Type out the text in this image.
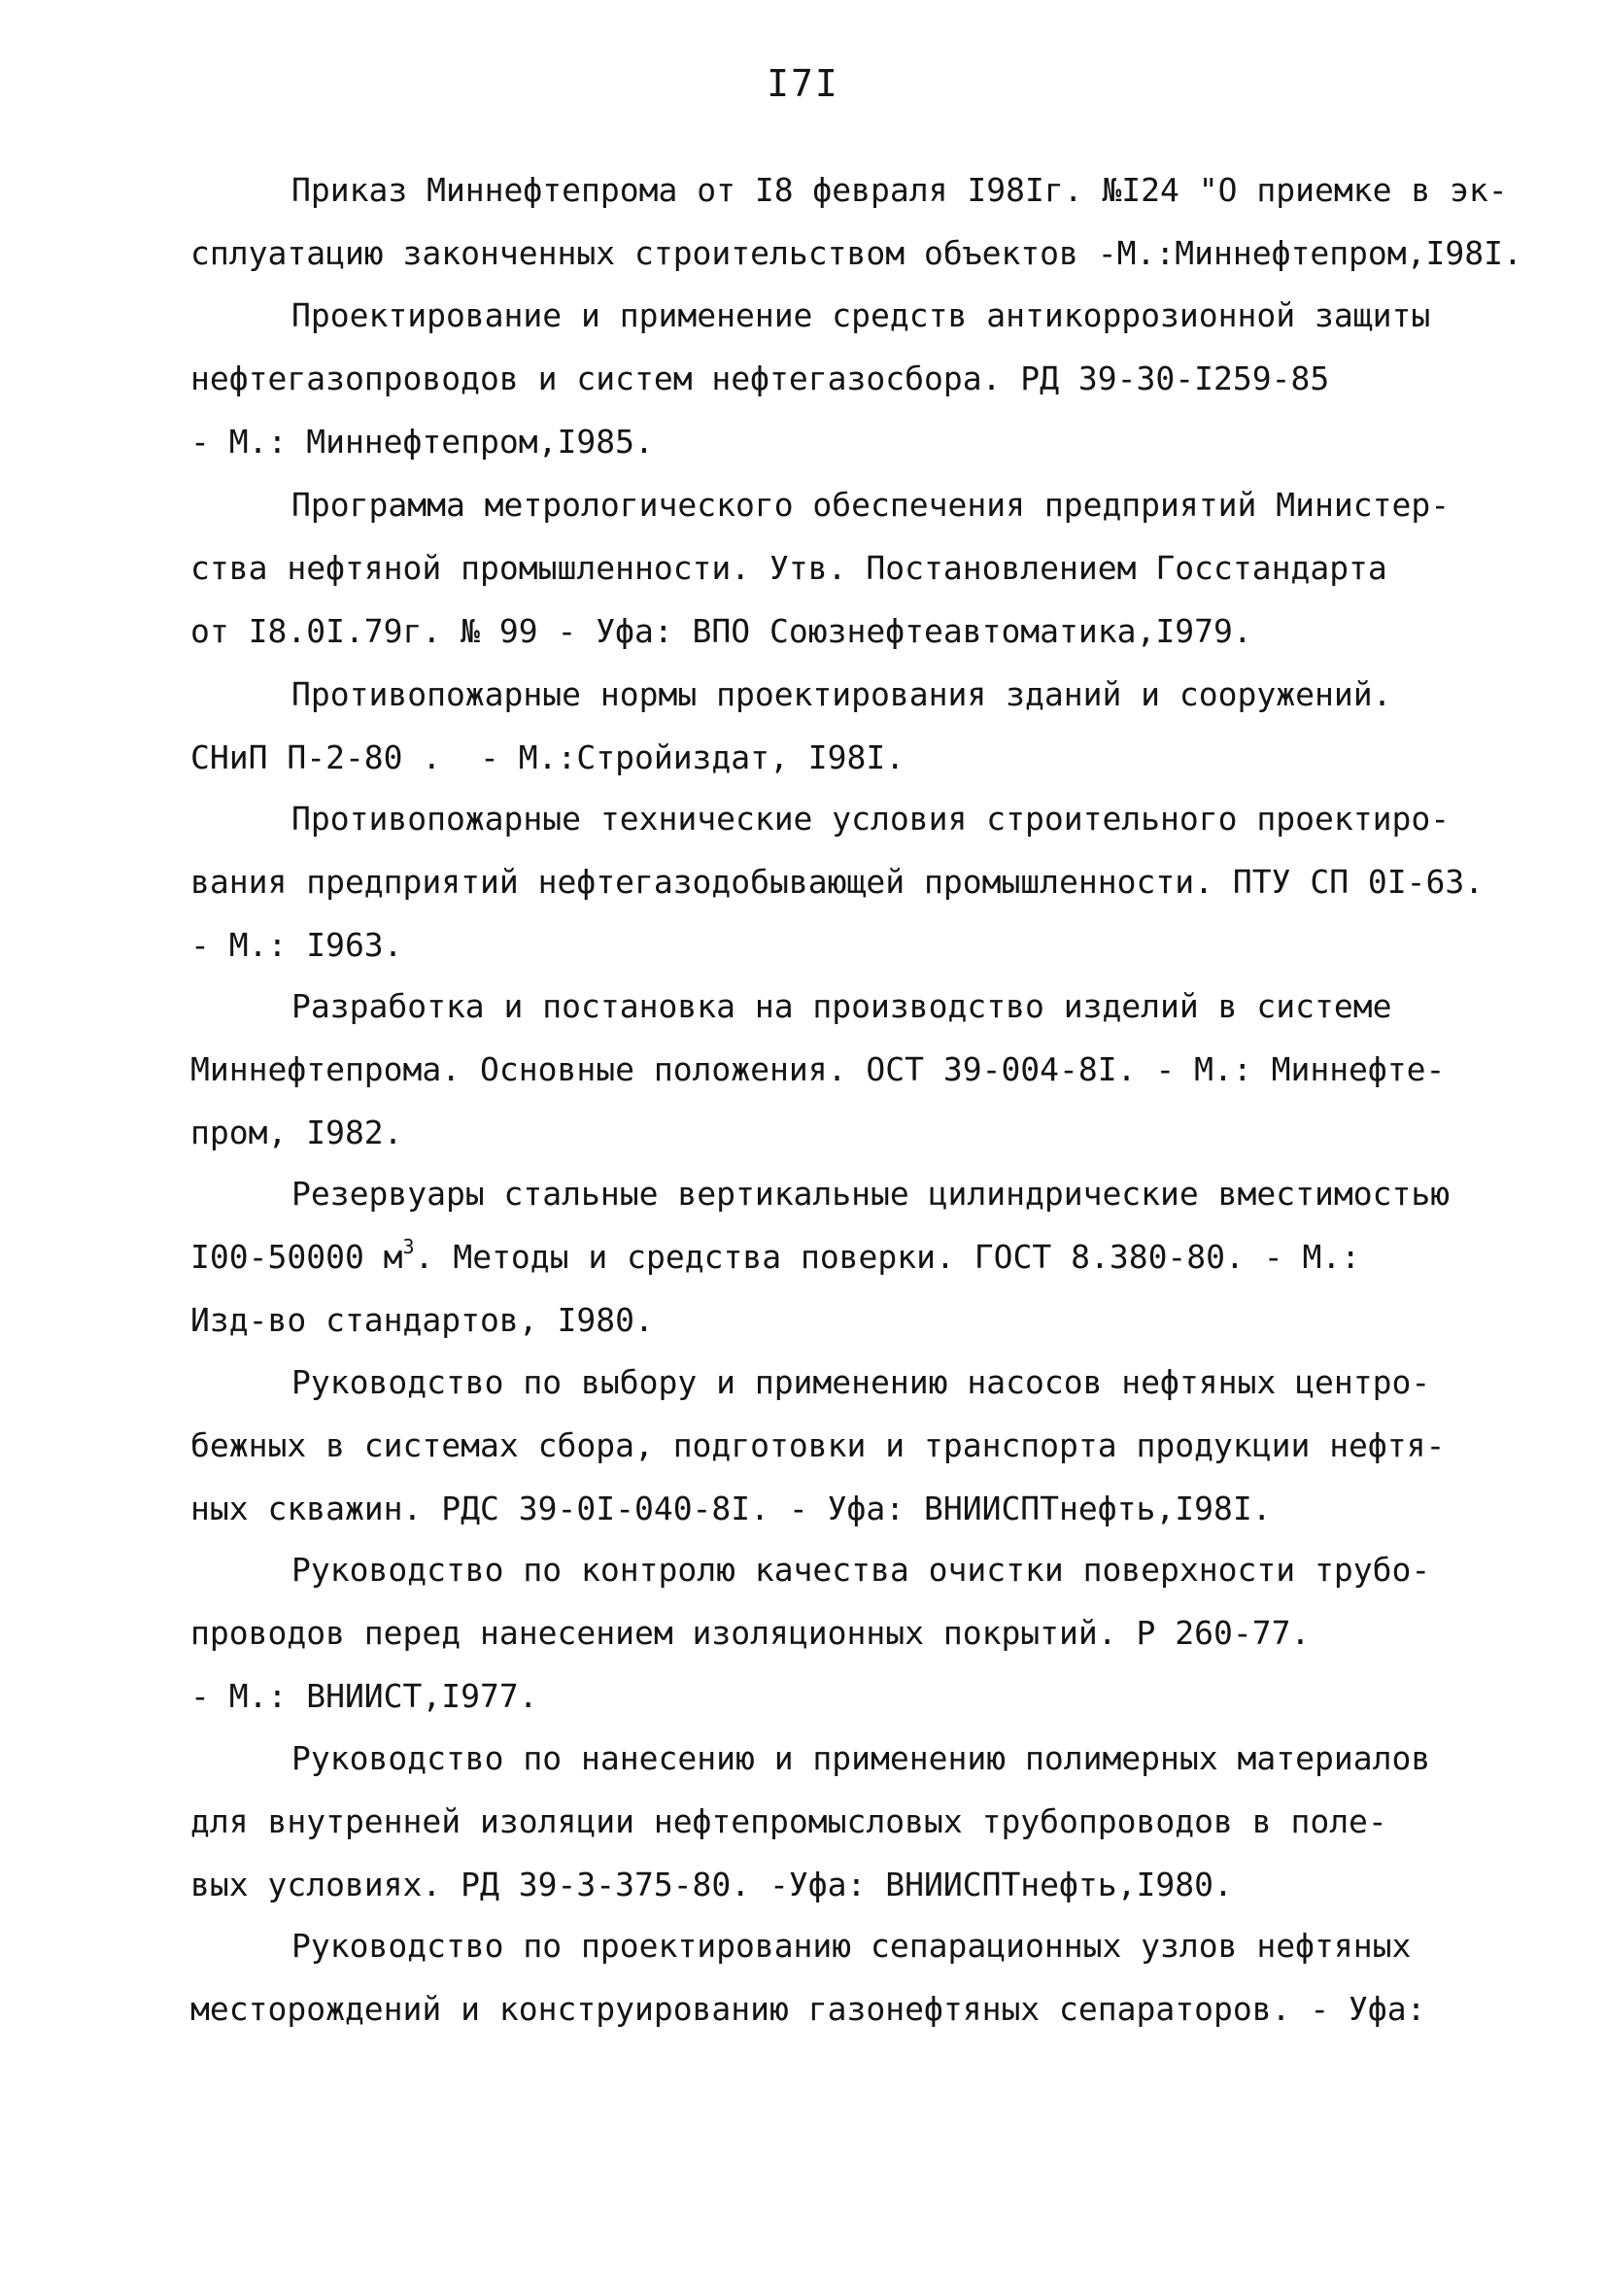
I7I
Приказ Миннефтепрома от I8 февраля I98Iг. №I24 "О приемке в эк-
сплуатацию законченных строительством объектов -М.:Миннефтепром,I98I.
Проектирование и применение средств антикоррозионной защиты
нефтегазопроводов и систем нефтегазосбора. РД 39-30-I259-85
- М.: Миннефтепром,I985.
Программа метрологического обеспечения предприятий Министер-
ства нефтяной промышленности. Утв. Постановлением Госстандарта
от I8.0I.79г. № 99 - Уфа: ВПО Союзнефтеавтоматика,I979.
Противопожарные нормы проектирования зданий и сооружений.
СНиП П-2-80 .  - М.:Стройиздат, I98I.
Противопожарные технические условия строительного проектиро-
вания предприятий нефтегазодобывающей промышленности. ПТУ СП 0I-63.
- М.: I963.
Разработка и постановка на производство изделий в системе
Миннефтепрома. Основные положения. ОСТ 39-004-8I. - М.: Миннефте-
пром, I982.
Резервуары стальные вертикальные цилиндрические вместимостью
I00-50000 $м^3$. Методы и средства поверки. ГОСТ 8.380-80. - М.:
Изд-во стандартов, I980.
Руководство по выбору и применению насосов нефтяных центро-
бежных в системах сбора, подготовки и транспорта продукции нефтя-
ных скважин. РДС 39-0I-040-8I. - Уфа: ВНИИСПТнефть,I98I.
Руководство по контролю качества очистки поверхности трубо-
проводов перед нанесением изоляционных покрытий. Р 260-77.
- М.: ВНИИСТ,I977.
Руководство по нанесению и применению полимерных материалов
для внутренней изоляции нефтепромысловых трубопроводов в поле-
вых условиях. РД 39-3-375-80. -Уфа: ВНИИСПТнефть,I980.
Руководство по проектированию сепарационных узлов нефтяных
месторождений и конструированию газонефтяных сепараторов. - Уфа:
